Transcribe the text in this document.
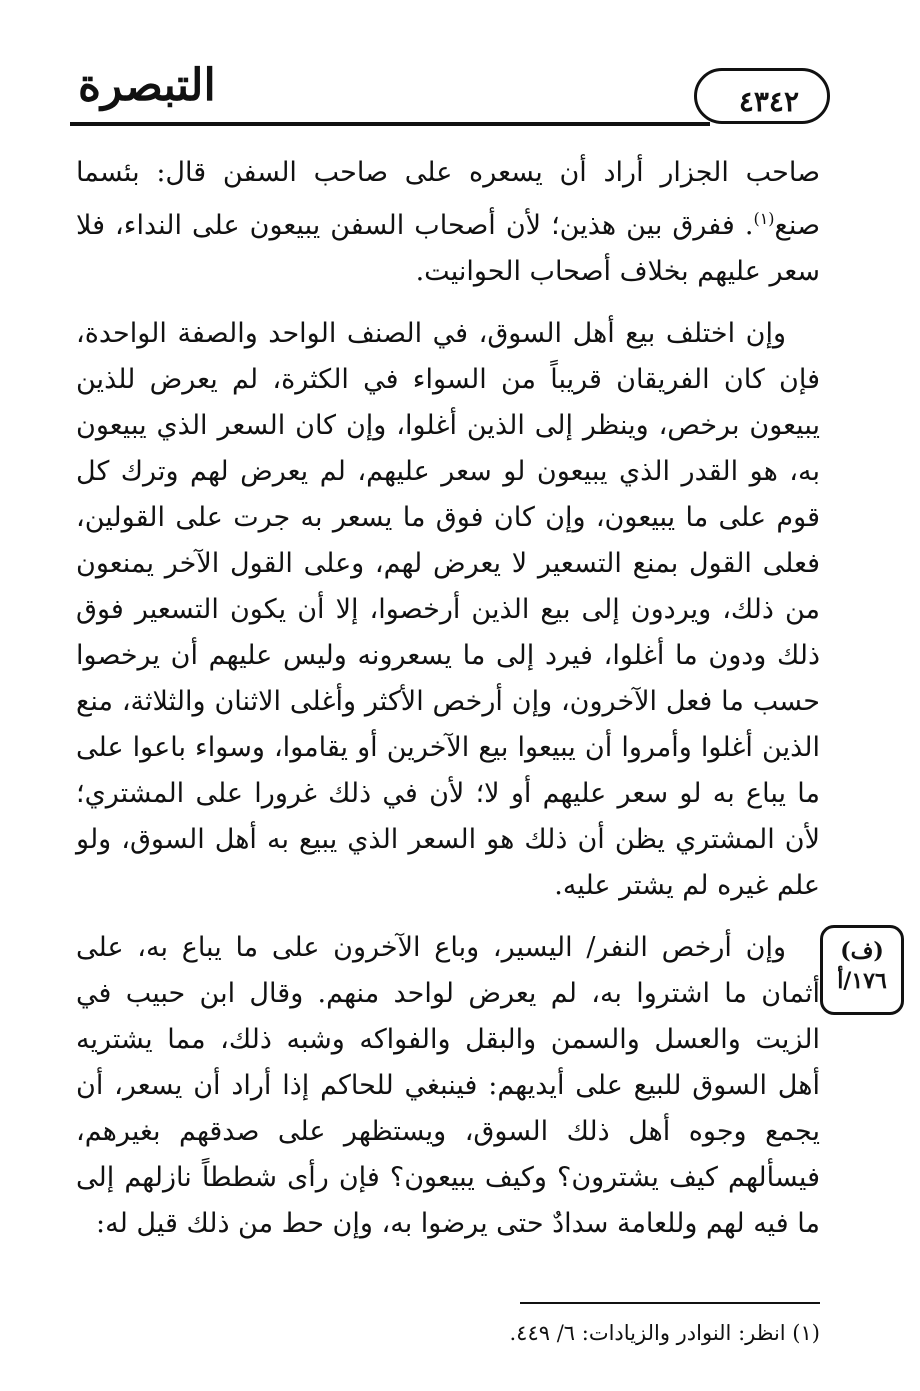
التبصرة	٤٣٤٢

صاحب الجزار أراد أن يسعره على صاحب السفن قال: بئسما صنع$^{(١)}$. ففرق بين هذين؛ لأن أصحاب السفن يبيعون على النداء، فلا سعر عليهم بخلاف أصحاب الحوانيت.

وإن اختلف بيع أهل السوق، في الصنف الواحد والصفة الواحدة، فإن كان الفريقان قريباً من السواء في الكثرة، لم يعرض للذين يبيعون برخص، وينظر إلى الذين أغلوا، وإن كان السعر الذي يبيعون به، هو القدر الذي يبيعون لو سعر عليهم، لم يعرض لهم وترك كل قوم على ما يبيعون، وإن كان فوق ما يسعر به جرت على القولين، فعلى القول بمنع التسعير لا يعرض لهم، وعلى القول الآخر يمنعون من ذلك، ويردون إلى بيع الذين أرخصوا، إلا أن يكون التسعير فوق ذلك ودون ما أغلوا، فيرد إلى ما يسعرونه وليس عليهم أن يرخصوا حسب ما فعل الآخرون، وإن أرخص الأكثر وأغلى الاثنان والثلاثة، منع الذين أغلوا وأمروا أن يبيعوا بيع الآخرين أو يقاموا، وسواء باعوا على ما يباع به لو سعر عليهم أو لا؛ لأن في ذلك غرورا على المشتري؛ لأن المشتري يظن أن ذلك هو السعر الذي يبيع به أهل السوق، ولو علم غيره لم يشتر عليه.

وإن أرخص النفر/ اليسير، وباع الآخرون على ما يباع به، على أثمان ما اشتروا به، لم يعرض لواحد منهم. وقال ابن حبيب في الزيت والعسل والسمن والبقل والفواكه وشبه ذلك، مما يشتريه أهل السوق للبيع على أيديهم: فينبغي للحاكم إذا أراد أن يسعر، أن يجمع وجوه أهل ذلك السوق، ويستظهر على صدقهم بغيرهم، فيسألهم كيف يشترون؟ وكيف يبيعون؟ فإن رأى شططاً نازلهم إلى ما فيه لهم وللعامة سدادٌ حتى يرضوا به، وإن حط من ذلك قيل له:

(ف)
١٧٦/أ
(١) انظر: النوادر والزيادات: ٦/ ٤٤٩.
